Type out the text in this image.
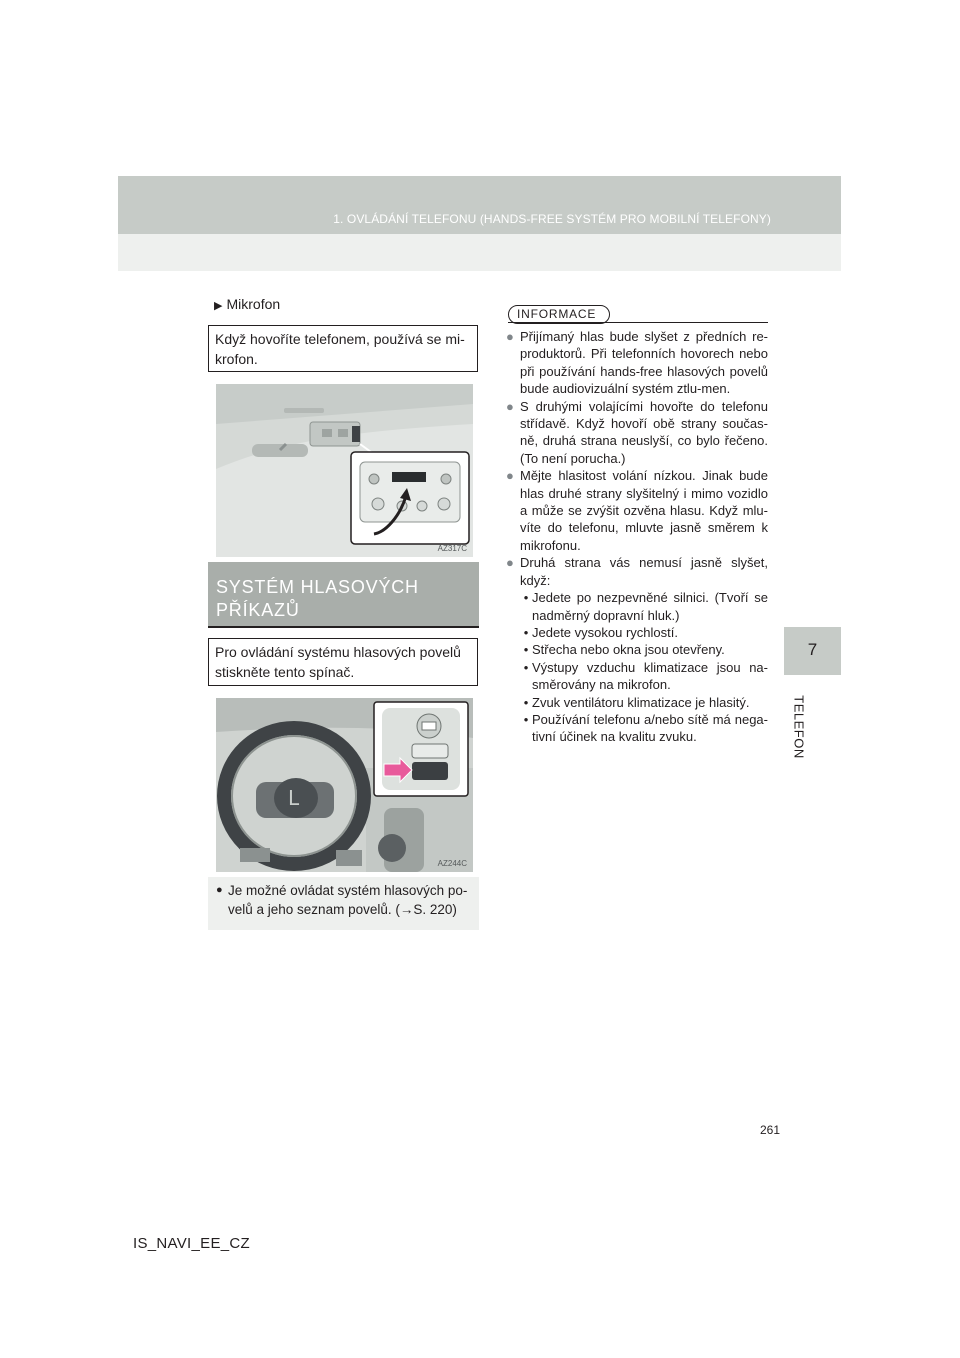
1. OVLÁDÁNÍ TELEFONU (HANDS-FREE SYSTÉM PRO MOBILNÍ TELEFONY)
7
TELEFON
▶ Mikrofon
Když hovoříte telefonem, používá se mi-krofon.
AZ317C
SYSTÉM HLASOVÝCH PŘÍKAZŮ
Pro ovládání systému hlasových povelů stiskněte tento spínač.
L
AZ244C
● Je možné ovládat systém hlasových po-
velů a jeho seznam povelů. (→S. 220)
INFORMACE
● Přijímaný hlas bude slyšet z předních re-produktorů. Při telefonních hovorech nebo při používání hands-free hlasových povelů bude audiovizuální systém ztlu-men.
● S druhými volajícími hovořte do telefonu střídavě. Když hovoří obě strany součas-ně, druhá strana neuslyší, co bylo řečeno. (To není porucha.)
● Mějte hlasitost volání nízkou. Jinak bude hlas druhé strany slyšitelný i mimo vozidlo a může se zvýšit ozvěna hlasu. Když mlu-víte do telefonu, mluvte jasně směrem k mikrofonu.
● Druhá strana vás nemusí jasně slyšet, když:
• Jedete po nezpevněné silnici. (Tvoří se nadměrný dopravní hluk.)
• Jedete vysokou rychlostí.
• Střecha nebo okna jsou otevřeny.
• Výstupy vzduchu klimatizace jsou na-směrovány na mikrofon.
• Zvuk ventilátoru klimatizace je hlasitý.
• Používání telefonu a/nebo sítě má nega-tivní účinek na kvalitu zvuku.
261
IS_NAVI_EE_CZ
